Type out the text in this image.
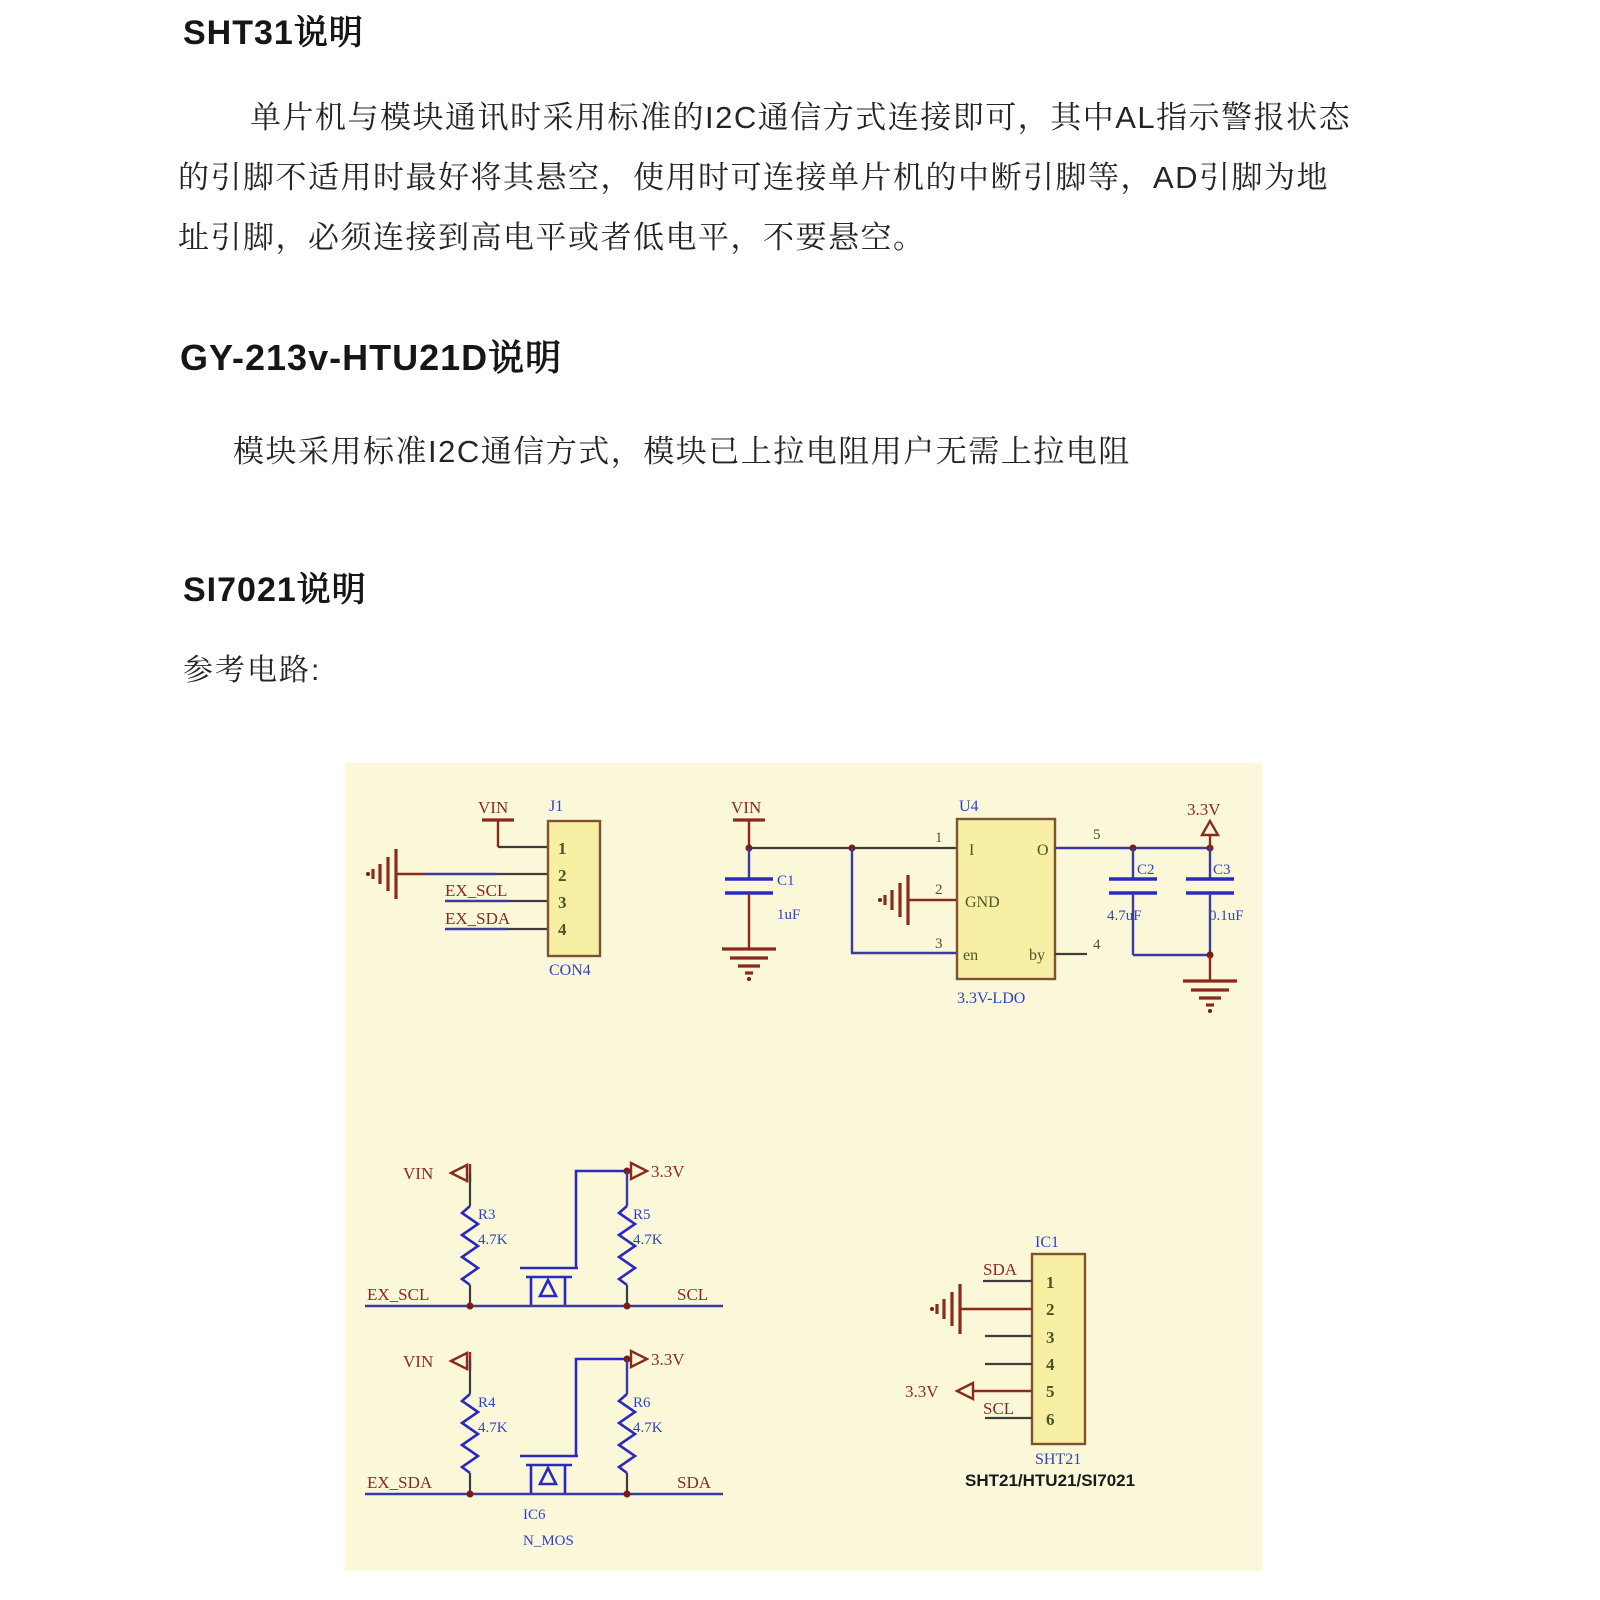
SHT31说明
单片机与模块通讯时采用标准的I2C通信方式连接即可，其中AL指示警报状态
的引脚不适用时最好将其悬空，使用时可连接单片机的中断引脚等，AD引脚为地
址引脚，必须连接到高电平或者低电平，不要悬空。
GY-213v-HTU21D说明
模块采用标准I2C通信方式，模块已上拉电阻用户无需上拉电阻
SI7021说明
参考电路:
VIN
EX_SCL
EX_SDA
J1
1
2
3
4
CON4
VIN
C1
1uF
U4
I	O
GND
en	by
1
2
3
5
4
3.3V-LDO
3.3V
C2
4.7uF
C3
0.1uF
VIN
R3
4.7K
R5
4.7K
3.3V
EX_SCL	SCL
VIN
R4
4.7K
R6
4.7K
3.3V
EX_SDA	SDA
IC6
N_MOS
IC1
1
2
3
4
5
6
SDA
3.3V
SCL
SHT21
SHT21/HTU21/SI7021
